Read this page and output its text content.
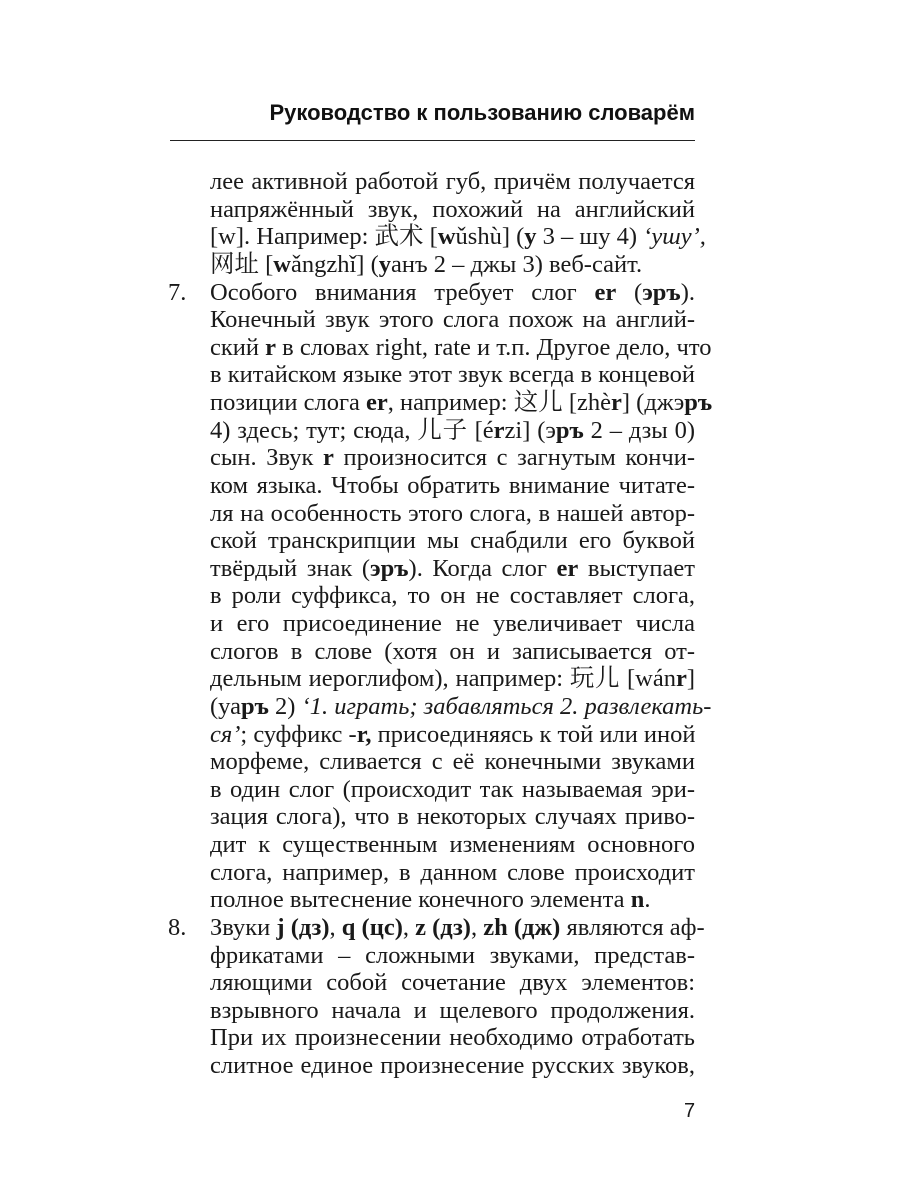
Руководство к пользованию словарём
лее активной работой губ, причём получается
напряжённый звук, похожий на английский
[w]. Например: 武术 [wǔshù] (у 3 – шу 4) ‘ушу’,
网址 [wǎngzhǐ] (уанъ 2 – джы 3) веб-сайт.
7. Особого внимания требует слог er (эръ).
Конечный звук этого слога похож на англий-
ский r в словах right, rate и т.п. Другое дело, что
в китайском языке этот звук всегда в концевой
позиции слога er, например: 这儿 [zhèr] (джэръ
4) здесь; тут; сюда, 儿子 [érzi] (эръ 2 – дзы 0)
сын. Звук r произносится с загнутым кончи-
ком языка. Чтобы обратить внимание читате-
ля на особенность этого слога, в нашей автор-
ской транскрипции мы снабдили его буквой
твёрдый знак (эръ). Когда слог er выступает
в роли суффикса, то он не составляет слога,
и его присоединение не увеличивает числа
слогов в слове (хотя он и записывается от-
дельным иероглифом), например: 玩儿 [wánr]
(уаръ 2) ‘1. играть; забавляться 2. развлекать-
ся’; суффикс -r, присоединяясь к той или иной
морфеме, сливается с её конечными звуками
в один слог (происходит так называемая эри-
зация слога), что в некоторых случаях приво-
дит к существенным изменениям основного
слога, например, в данном слове происходит
полное вытеснение конечного элемента n.
8. Звуки j (дз), q (цс), z (дз), zh (дж) являются аф-
фрикатами – сложными звуками, представ-
ляющими собой сочетание двух элементов:
взрывного начала и щелевого продолжения.
При их произнесении необходимо отработать
слитное единое произнесение русских звуков,
7
